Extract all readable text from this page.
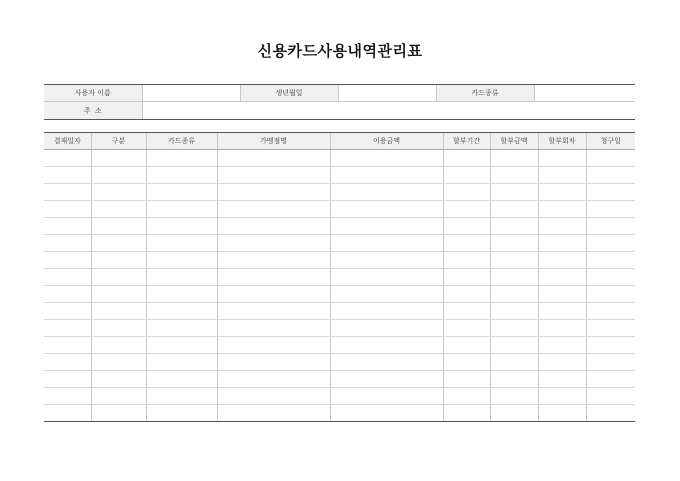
신용카드사용내역관리표
사용자 이름		생년월일		카드종류	
주  소					
결재일자	구분	카드종류	가맹점명	이용금액	할부기간	할부금액	할부회차	청구일
